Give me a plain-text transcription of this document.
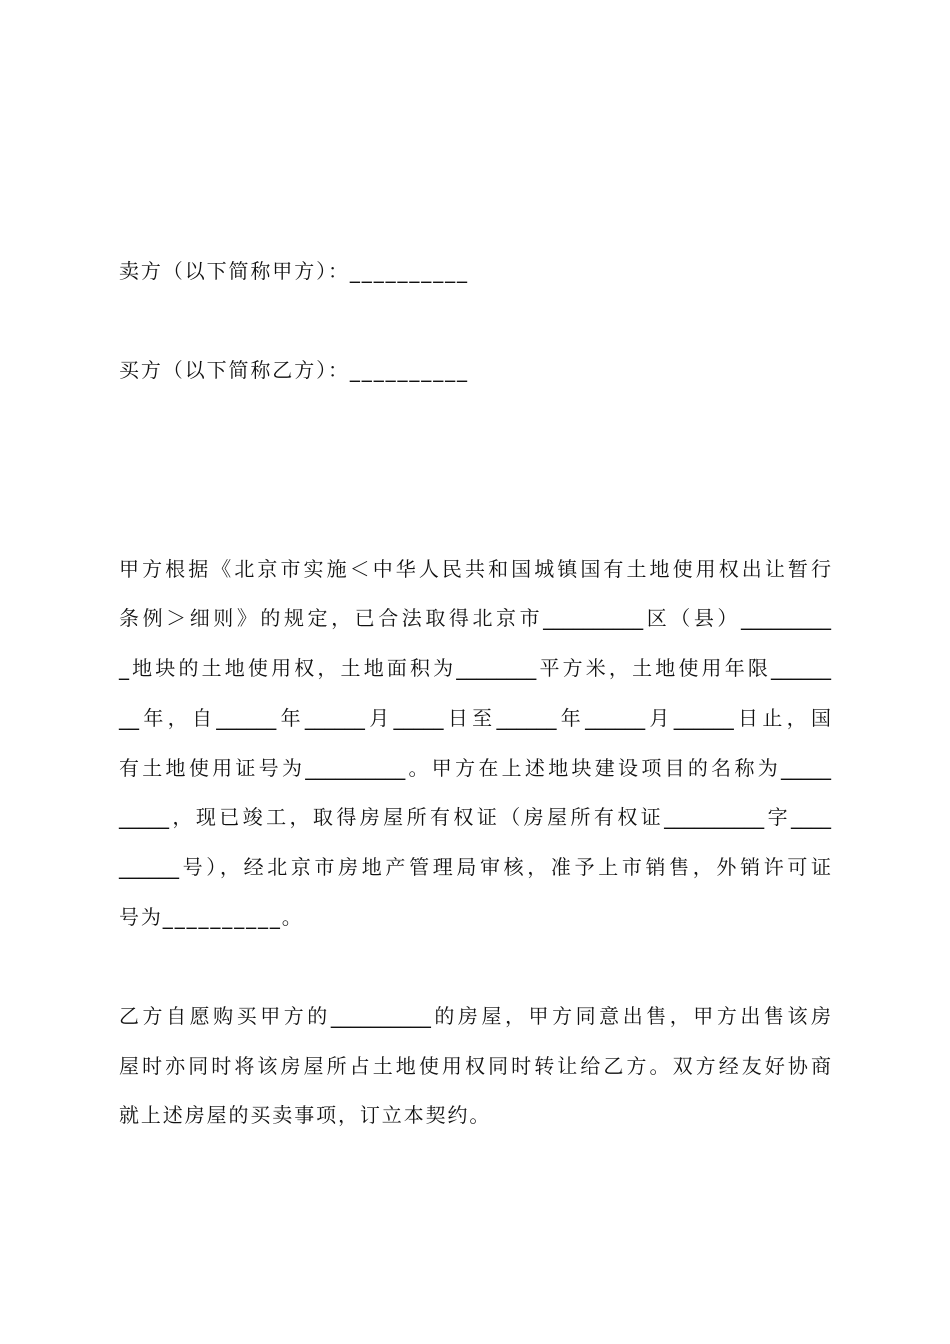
卖方（以下简称甲方）：__________
买方（以下简称乙方）：__________
甲方根据《北京市实施＜中华人民共和国城镇国有土地使用权出让暂行
条例＞细则》的规定，已合法取得北京市__________区（县）_________
_地块的土地使用权，土地面积为________平方米，土地使用年限______
__年，自______年______月_____日至______年______月______日止，国
有土地使用证号为__________。甲方在上述地块建设项目的名称为_____
_____，现已竣工，取得房屋所有权证（房屋所有权证__________字____
______号），经北京市房地产管理局审核，准予上市销售，外销许可证
号为__________。
乙方自愿购买甲方的__________的房屋，甲方同意出售，甲方出售该房
屋时亦同时将该房屋所占土地使用权同时转让给乙方。双方经友好协商
就上述房屋的买卖事项，订立本契约。
